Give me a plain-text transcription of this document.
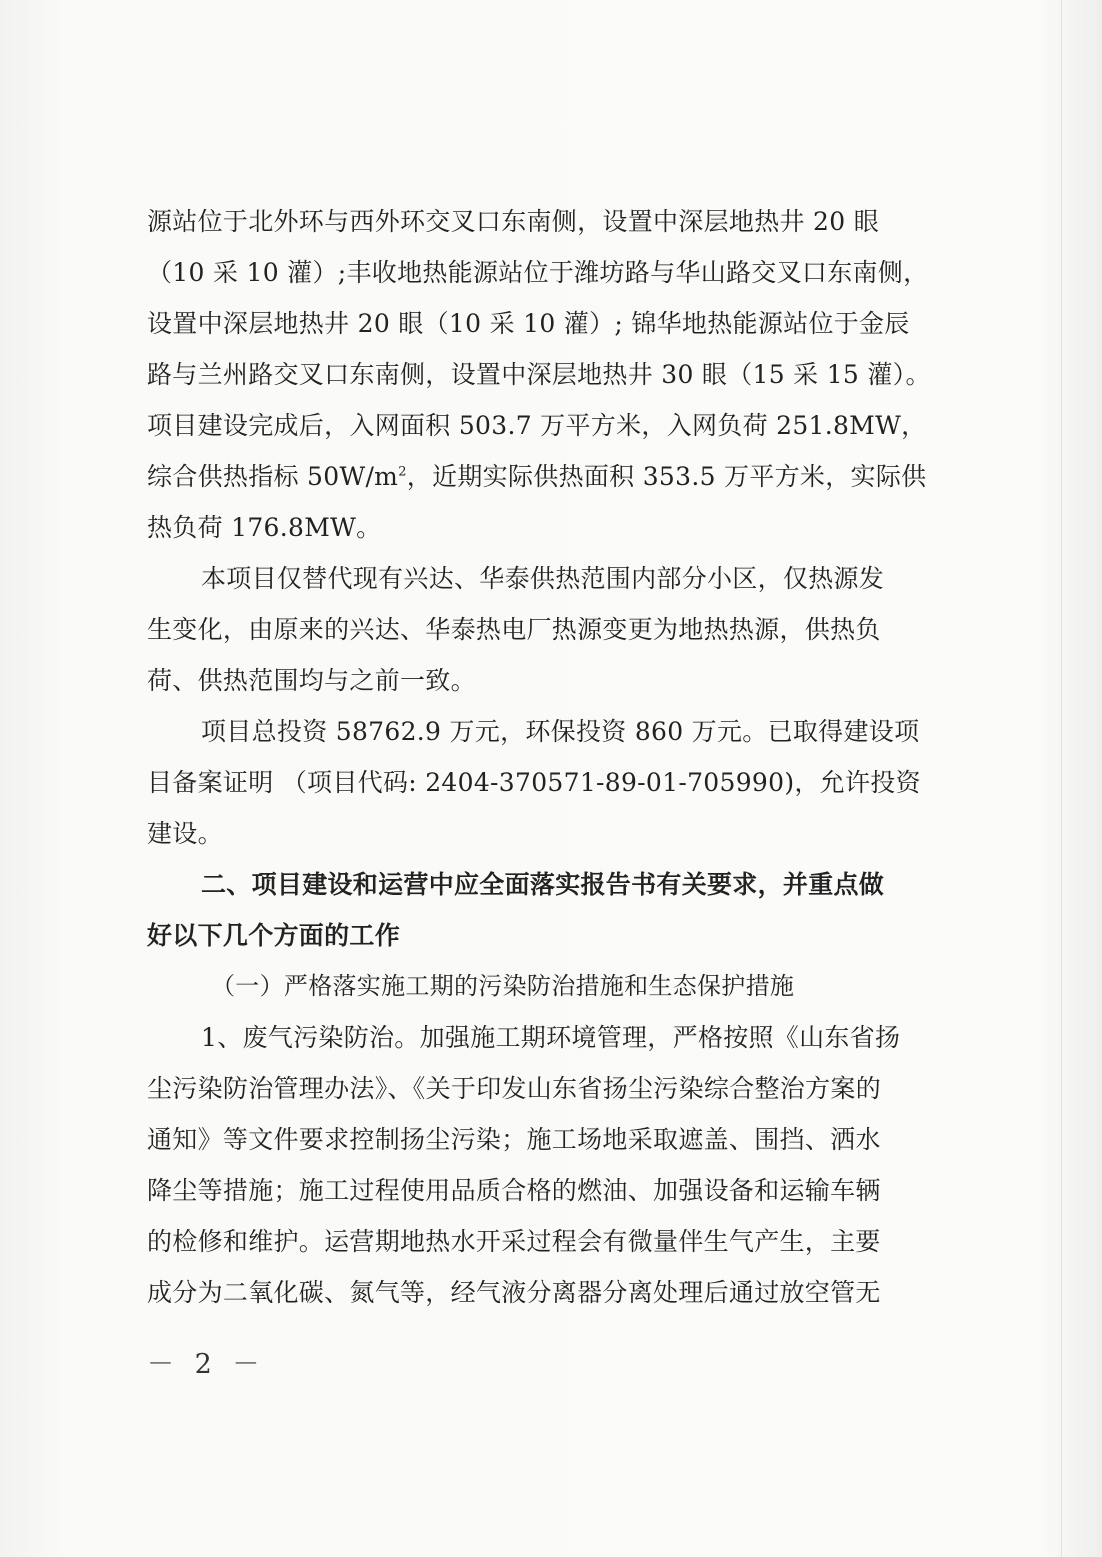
源站位于北外环与西外环交叉口东南侧，设置中深层地热井 20 眼
（10 采 10 灌）;丰收地热能源站位于潍坊路与华山路交叉口东南侧，
设置中深层地热井 20 眼（10 采 10 灌）; 锦华地热能源站位于金辰
路与兰州路交叉口东南侧，设置中深层地热井 30 眼（15 采 15 灌）。
项目建设完成后，入网面积 503.7 万平方米，入网负荷 251.8MW，
综合供热指标 $50W/m^2$，近期实际供热面积 353.5 万平方米，实际供
热负荷 176.8MW。
本项目仅替代现有兴达、华泰供热范围内部分小区，仅热源发
生变化，由原来的兴达、华泰热电厂热源变更为地热热源，供热负
荷、供热范围均与之前一致。
项目总投资 58762.9 万元，环保投资 860 万元。已取得建设项
目备案证明 （项目代码: 2404-370571-89-01-705990)，允许投资
建设。
二、项目建设和运营中应全面落实报告书有关要求，并重点做
好以下几个方面的工作
（一）严格落实施工期的污染防治措施和生态保护措施
1、废气污染防治。加强施工期环境管理，严格按照《山东省扬
尘污染防治管理办法》、《关于印发山东省扬尘污染综合整治方案的
通知》等文件要求控制扬尘污染；施工场地采取遮盖、围挡、洒水
降尘等措施；施工过程使用品质合格的燃油、加强设备和运输车辆
的检修和维护。运营期地热水开采过程会有微量伴生气产生，主要
成分为二氧化碳、氮气等，经气液分离器分离处理后通过放空管无
－ 2 －
